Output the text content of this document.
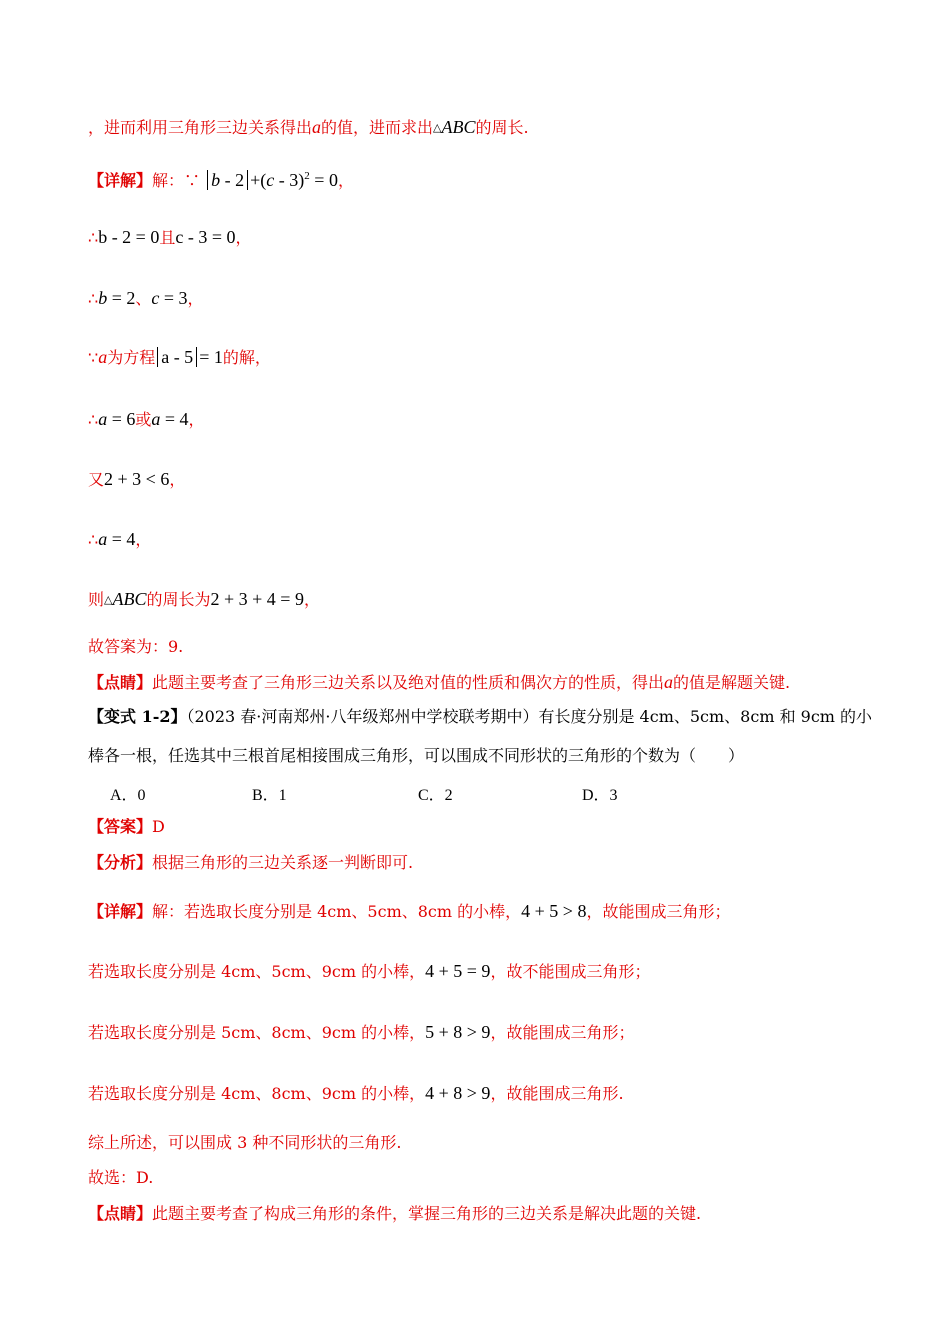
，进而利用三角形三边关系得出a的值，进而求出△ABC的周长.
【详解】解：∵ b - 2 +(c - 3)$^2$ = 0，
∴b - 2 = 0且c - 3 = 0，
∴b = 2、c = 3，
∵a为方程 a - 5 = 1的解，
∴a = 6或a = 4，
又2 + 3 < 6，
∴a = 4，
则△ABC的周长为2 + 3 + 4 = 9，
故答案为：9.
【点睛】此题主要考查了三角形三边关系以及绝对值的性质和偶次方的性质，得出a的值是解题关键.
【变式 1-2】（2023 春·河南郑州·八年级郑州中学校联考期中）有长度分别是 4cm、5cm、8cm 和 9cm 的小
棒各一根，任选其中三根首尾相接围成三角形，可以围成不同形状的三角形的个数为（　　）
A．0	B．1	C．2	D．3
【答案】D
【分析】根据三角形的三边关系逐一判断即可.
【详解】解：若选取长度分别是 4cm、5cm、8cm 的小棒，4 + 5 > 8，故能围成三角形；
若选取长度分别是 4cm、5cm、9cm 的小棒，4 + 5 = 9，故不能围成三角形；
若选取长度分别是 5cm、8cm、9cm 的小棒，5 + 8 > 9，故能围成三角形；
若选取长度分别是 4cm、8cm、9cm 的小棒，4 + 8 > 9，故能围成三角形.
综上所述，可以围成 3 种不同形状的三角形.
故选：D.
【点睛】此题主要考查了构成三角形的条件，掌握三角形的三边关系是解决此题的关键.
